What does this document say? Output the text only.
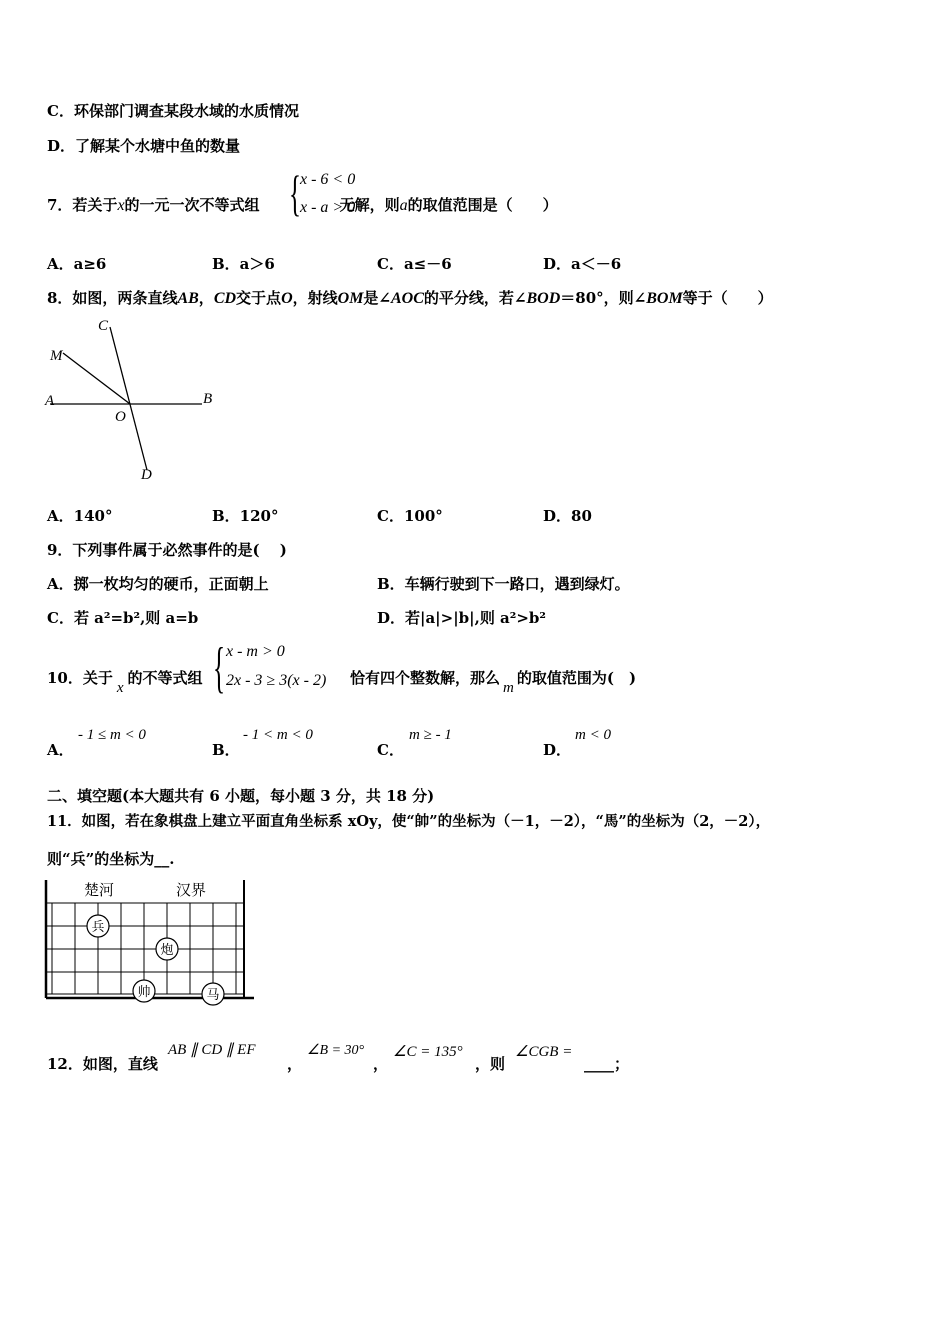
C．环保部门调查某段水域的水质情况
D．了解某个水塘中鱼的数量
7．若关于x的一元一次不等式组	无解，则a的取值范围是（　　）
{ x - 6 < 0
x - a > 0
A．a≥6	B．a＞6	C．a≤－6	D．a＜－6
8．如图，两条直线AB，CD交于点O，射线OM是∠AOC的平分线，若∠BOD＝80°，则∠BOM等于（　　）
C
M
A
O
B
D
A．140°	B．120°	C．100°	D．80
9．下列事件属于必然事件的是(　 )
A．掷一枚均匀的硬币，正面朝上	B．车辆行驶到下一路口，遇到绿灯。
C．若 a²=b²,则 a=b	D．若|a|>|b|,则 a²>b²
10．关于x的不等式组 { x - m > 0
2x - 3 ≥ 3(x - 2) 恰有四个整数解，那么m的取值范围为(　)
A．
- 1 ≤ m < 0
B．
- 1 < m < 0
C．
m ≥ - 1
D．
m < 0
二、填空题(本大题共有 6 小题，每小题 3 分，共 18 分)
11．如图，若在象棋盘上建立平面直角坐标系 xOy，使“帥”的坐标为（－1，－2），“馬”的坐标为（2，－2），
则“兵”的坐标为__.
楚河	汉界
兵
炮
帅	马
12．如图，直线
AB ∥ CD ∥ EF
，
∠B = 30°
，
∠C = 135°
，则
∠CGB =
____；
